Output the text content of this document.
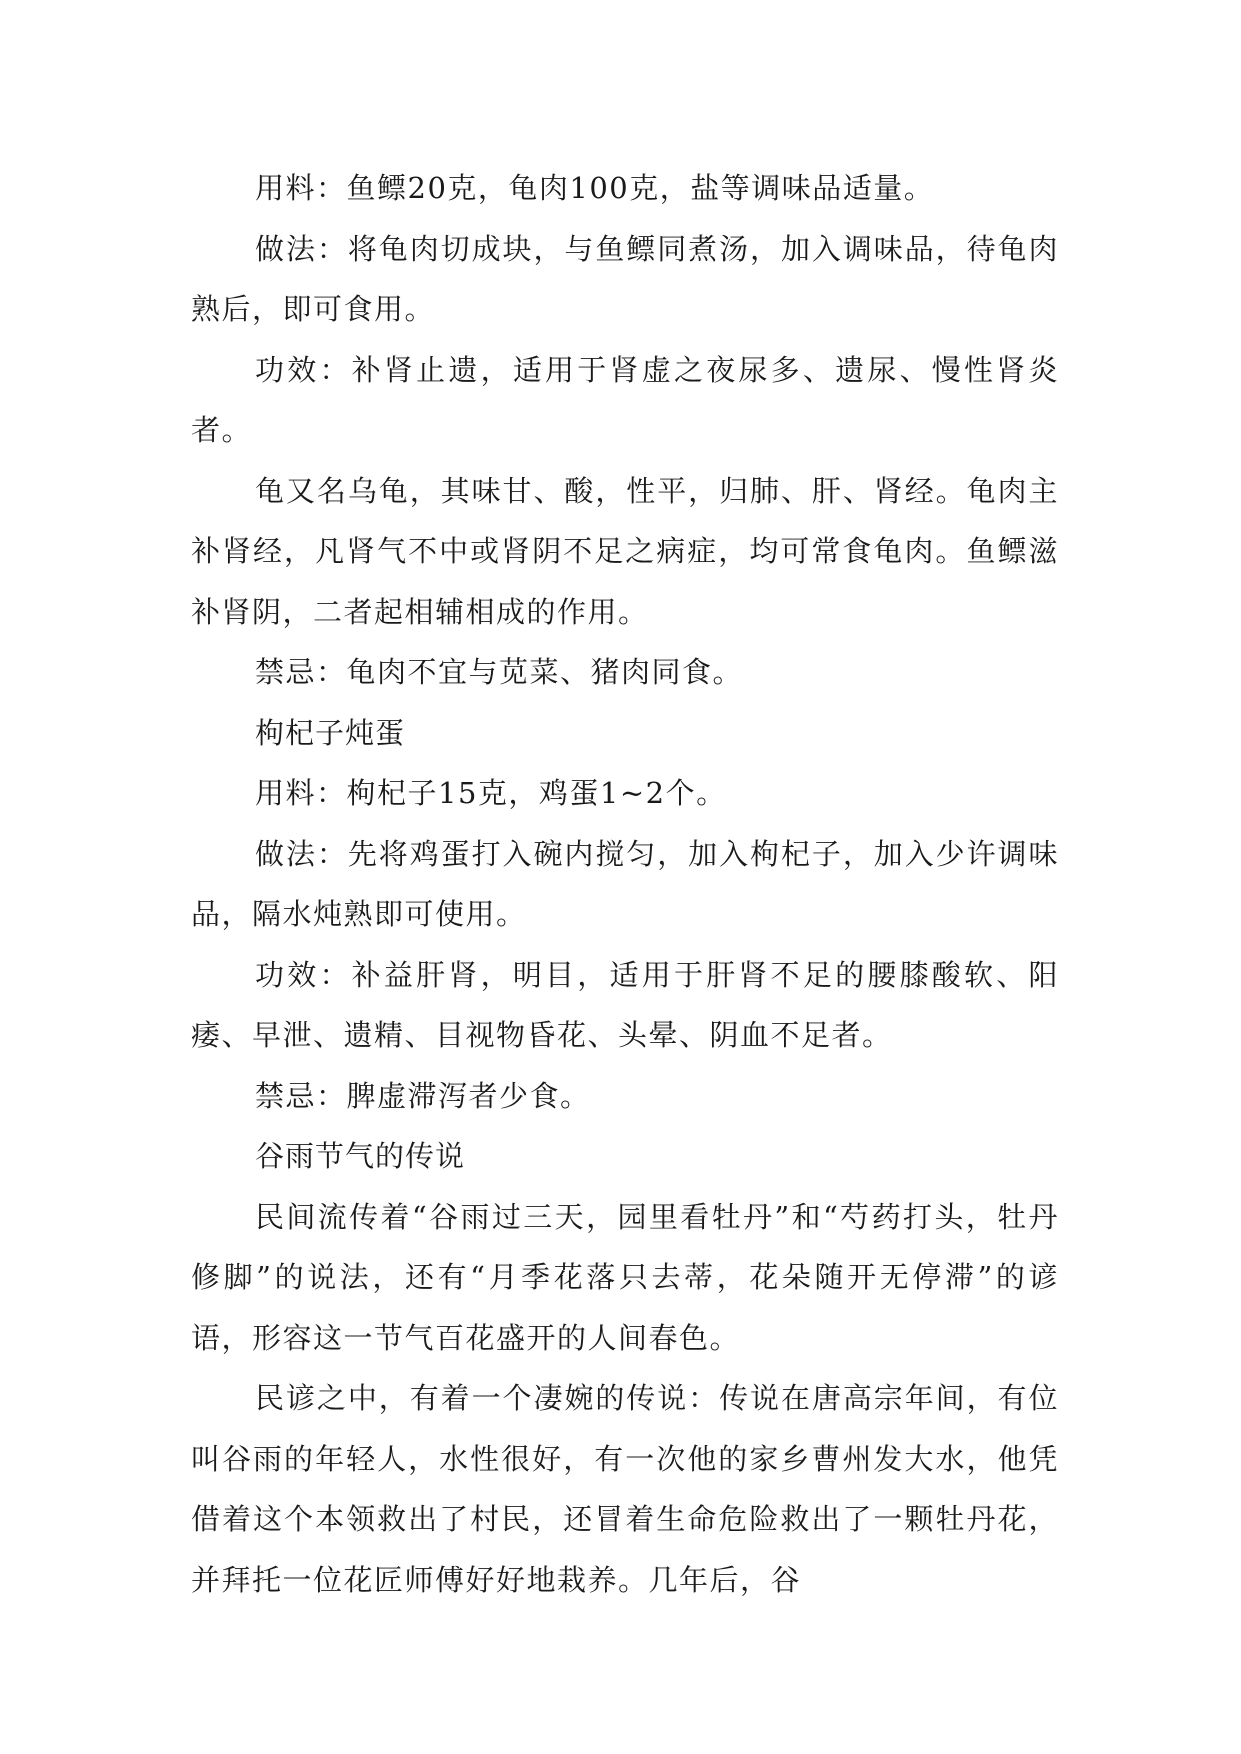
用料：鱼鳔20克，龟肉100克，盐等调味品适量。

做法：将龟肉切成块，与鱼鳔同煮汤，加入调味品，待龟肉熟后，即可食用。

功效：补肾止遗，适用于肾虚之夜尿多、遗尿、慢性肾炎者。

龟又名乌龟，其味甘、酸，性平，归肺、肝、肾经。龟肉主补肾经，凡肾气不中或肾阴不足之病症，均可常食龟肉。鱼鳔滋补肾阴，二者起相辅相成的作用。

禁忌：龟肉不宜与苋菜、猪肉同食。

枸杞子炖蛋

用料：枸杞子15克，鸡蛋1~2个。

做法：先将鸡蛋打入碗内搅匀，加入枸杞子，加入少许调味品，隔水炖熟即可使用。

功效：补益肝肾，明目，适用于肝肾不足的腰膝酸软、阳痿、早泄、遗精、目视物昏花、头晕、阴血不足者。

禁忌：脾虚滞泻者少食。

谷雨节气的传说

民间流传着“谷雨过三天，园里看牡丹”和“芍药打头，牡丹修脚”的说法，还有“月季花落只去蒂，花朵随开无停滞”的谚语，形容这一节气百花盛开的人间春色。

民谚之中，有着一个凄婉的传说：传说在唐高宗年间，有位叫谷雨的年轻人，水性很好，有一次他的家乡曹州发大水，他凭借着这个本领救出了村民，还冒着生命危险救出了一颗牡丹花，并拜托一位花匠师傅好好地栽养。几年后，谷
